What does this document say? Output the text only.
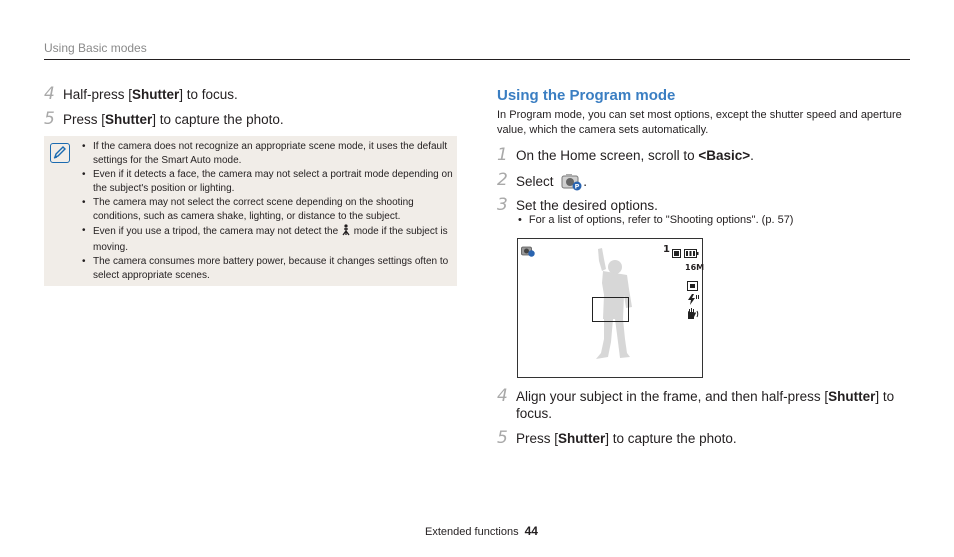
Using Basic modes
4 Half-press [Shutter] to focus.
5 Press [Shutter] to capture the photo.
• If the camera does not recognize an appropriate scene mode, it uses the default settings for the Smart Auto mode.
• Even if it detects a face, the camera may not select a portrait mode depending on the subject's position or lighting.
• The camera may not select the correct scene depending on the shooting conditions, such as camera shake, lighting, or distance to the subject.
• Even if you use a tripod, the camera may not detect the mode if the subject is moving.
• The camera consumes more battery power, because it changes settings often to select appropriate scenes.
Using the Program mode
In Program mode, you can set most options, except the shutter speed and aperture value, which the camera sets automatically.
1 On the Home screen, scroll to <Basic>.
2 Select	P .
3 Set the desired options.
• For a list of options, refer to "Shooting options". (p. 57)
1
16M
4 Align your subject in the frame, and then half-press [Shutter] to focus.
5 Press [Shutter] to capture the photo.
Extended functions 44
